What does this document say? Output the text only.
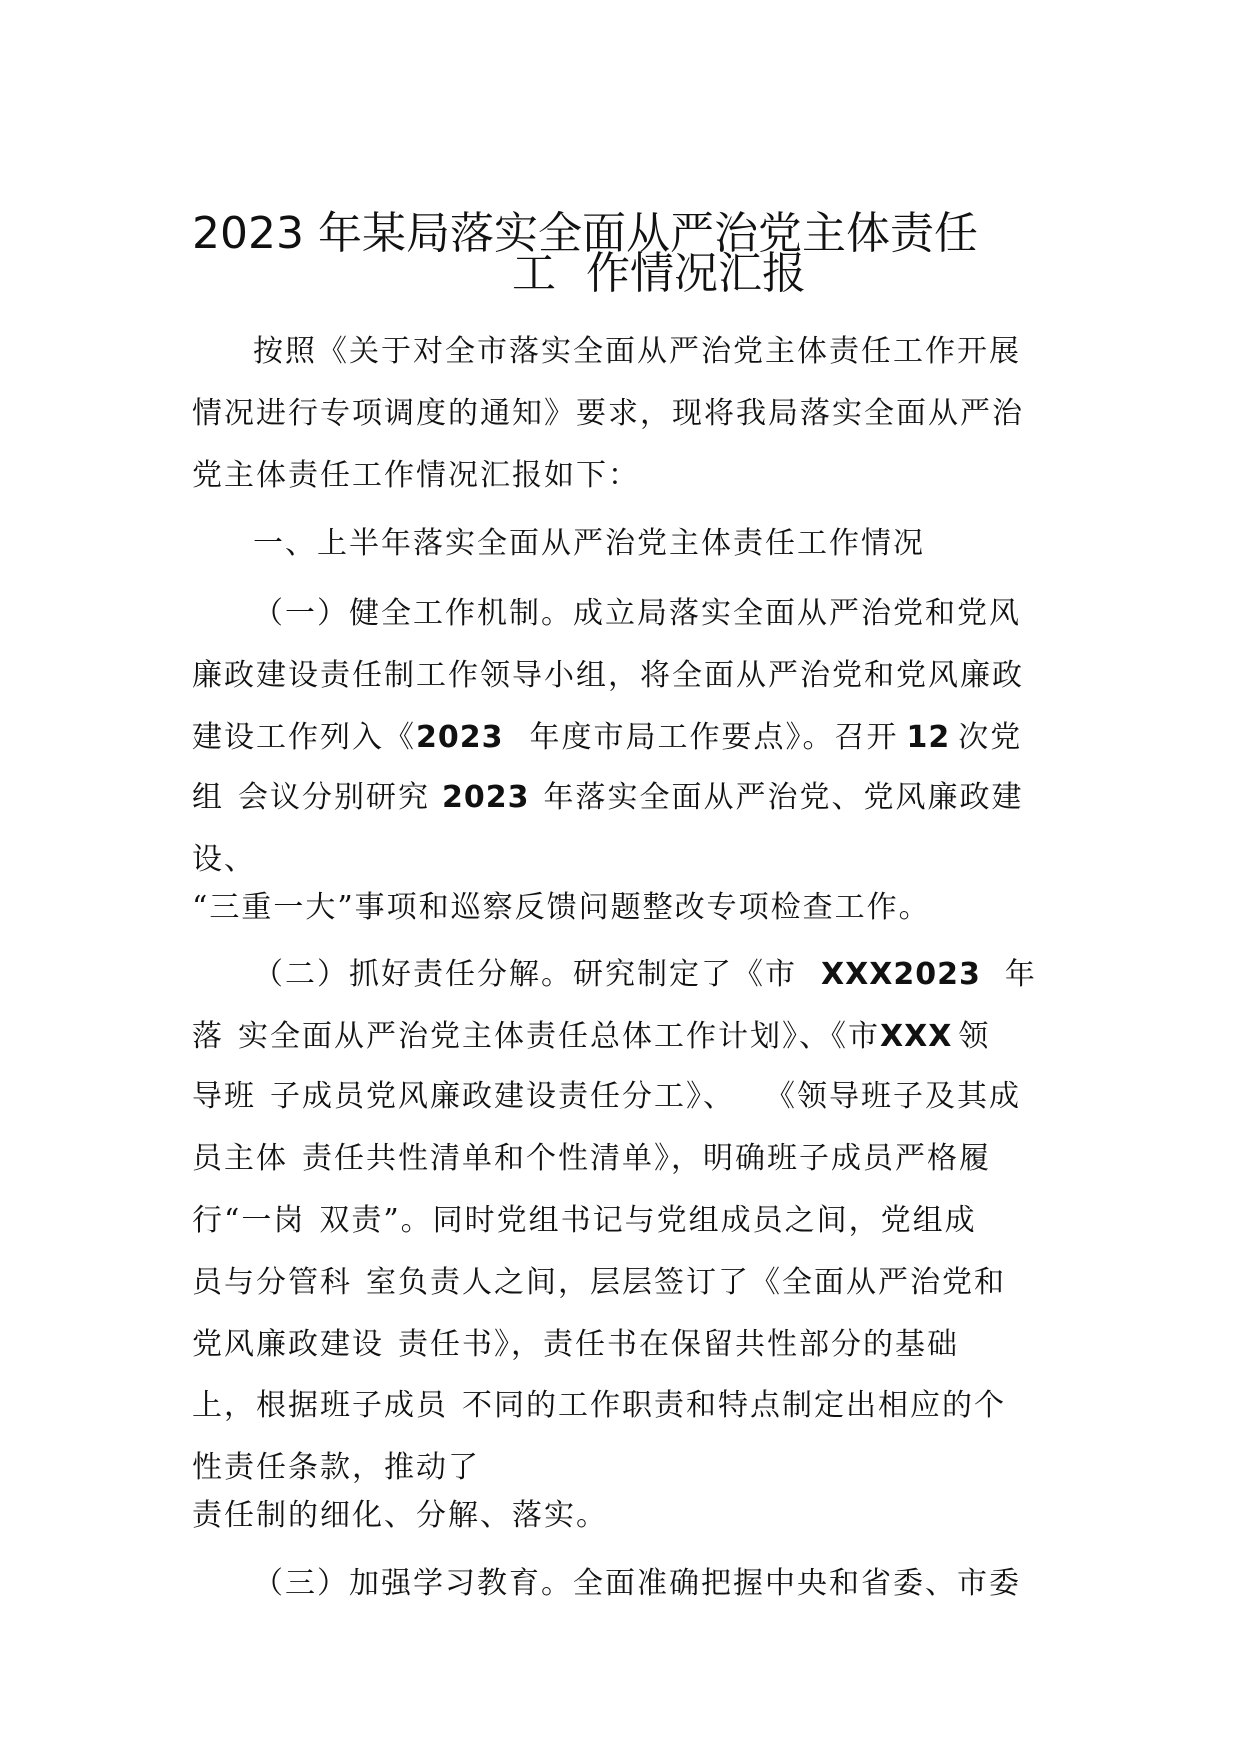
2023 年某局落实全面从严治党主体责任
工 作情况汇报
按照《关于对全市落实全面从严治党主体责任工作开展
情况进行专项调度的通知》要求，现将我局落实全面从严治
党主体责任工作情况汇报如下：
一、上半年落实全面从严治党主体责任工作情况
（一）健全工作机制。成立局落实全面从严治党和党风
廉政建设责任制工作领导小组，将全面从严治党和党风廉政
建设工作列入《2023 年度市局工作要点》。召开 12 次党
组 会议分别研究 2023 年落实全面从严治党、党风廉政建
设、
“三重一大”事项和巡察反馈问题整改专项检查工作。
（二）抓好责任分解。研究制定了《市 XXX2023 年
落 实全面从严治党主体责任总体工作计划》、《市XXX 领
导班 子成员党风廉政建设责任分工》、 《领导班子及其成
员主体 责任共性清单和个性清单》，明确班子成员严格履
行“一岗 双责”。同时党组书记与党组成员之间，党组成
员与分管科 室负责人之间，层层签订了《全面从严治党和
党风廉政建设 责任书》，责任书在保留共性部分的基础
上，根据班子成员 不同的工作职责和特点制定出相应的个
性责任条款，推动了
责任制的细化、分解、落实。
（三）加强学习教育。全面准确把握中央和省委、市委
